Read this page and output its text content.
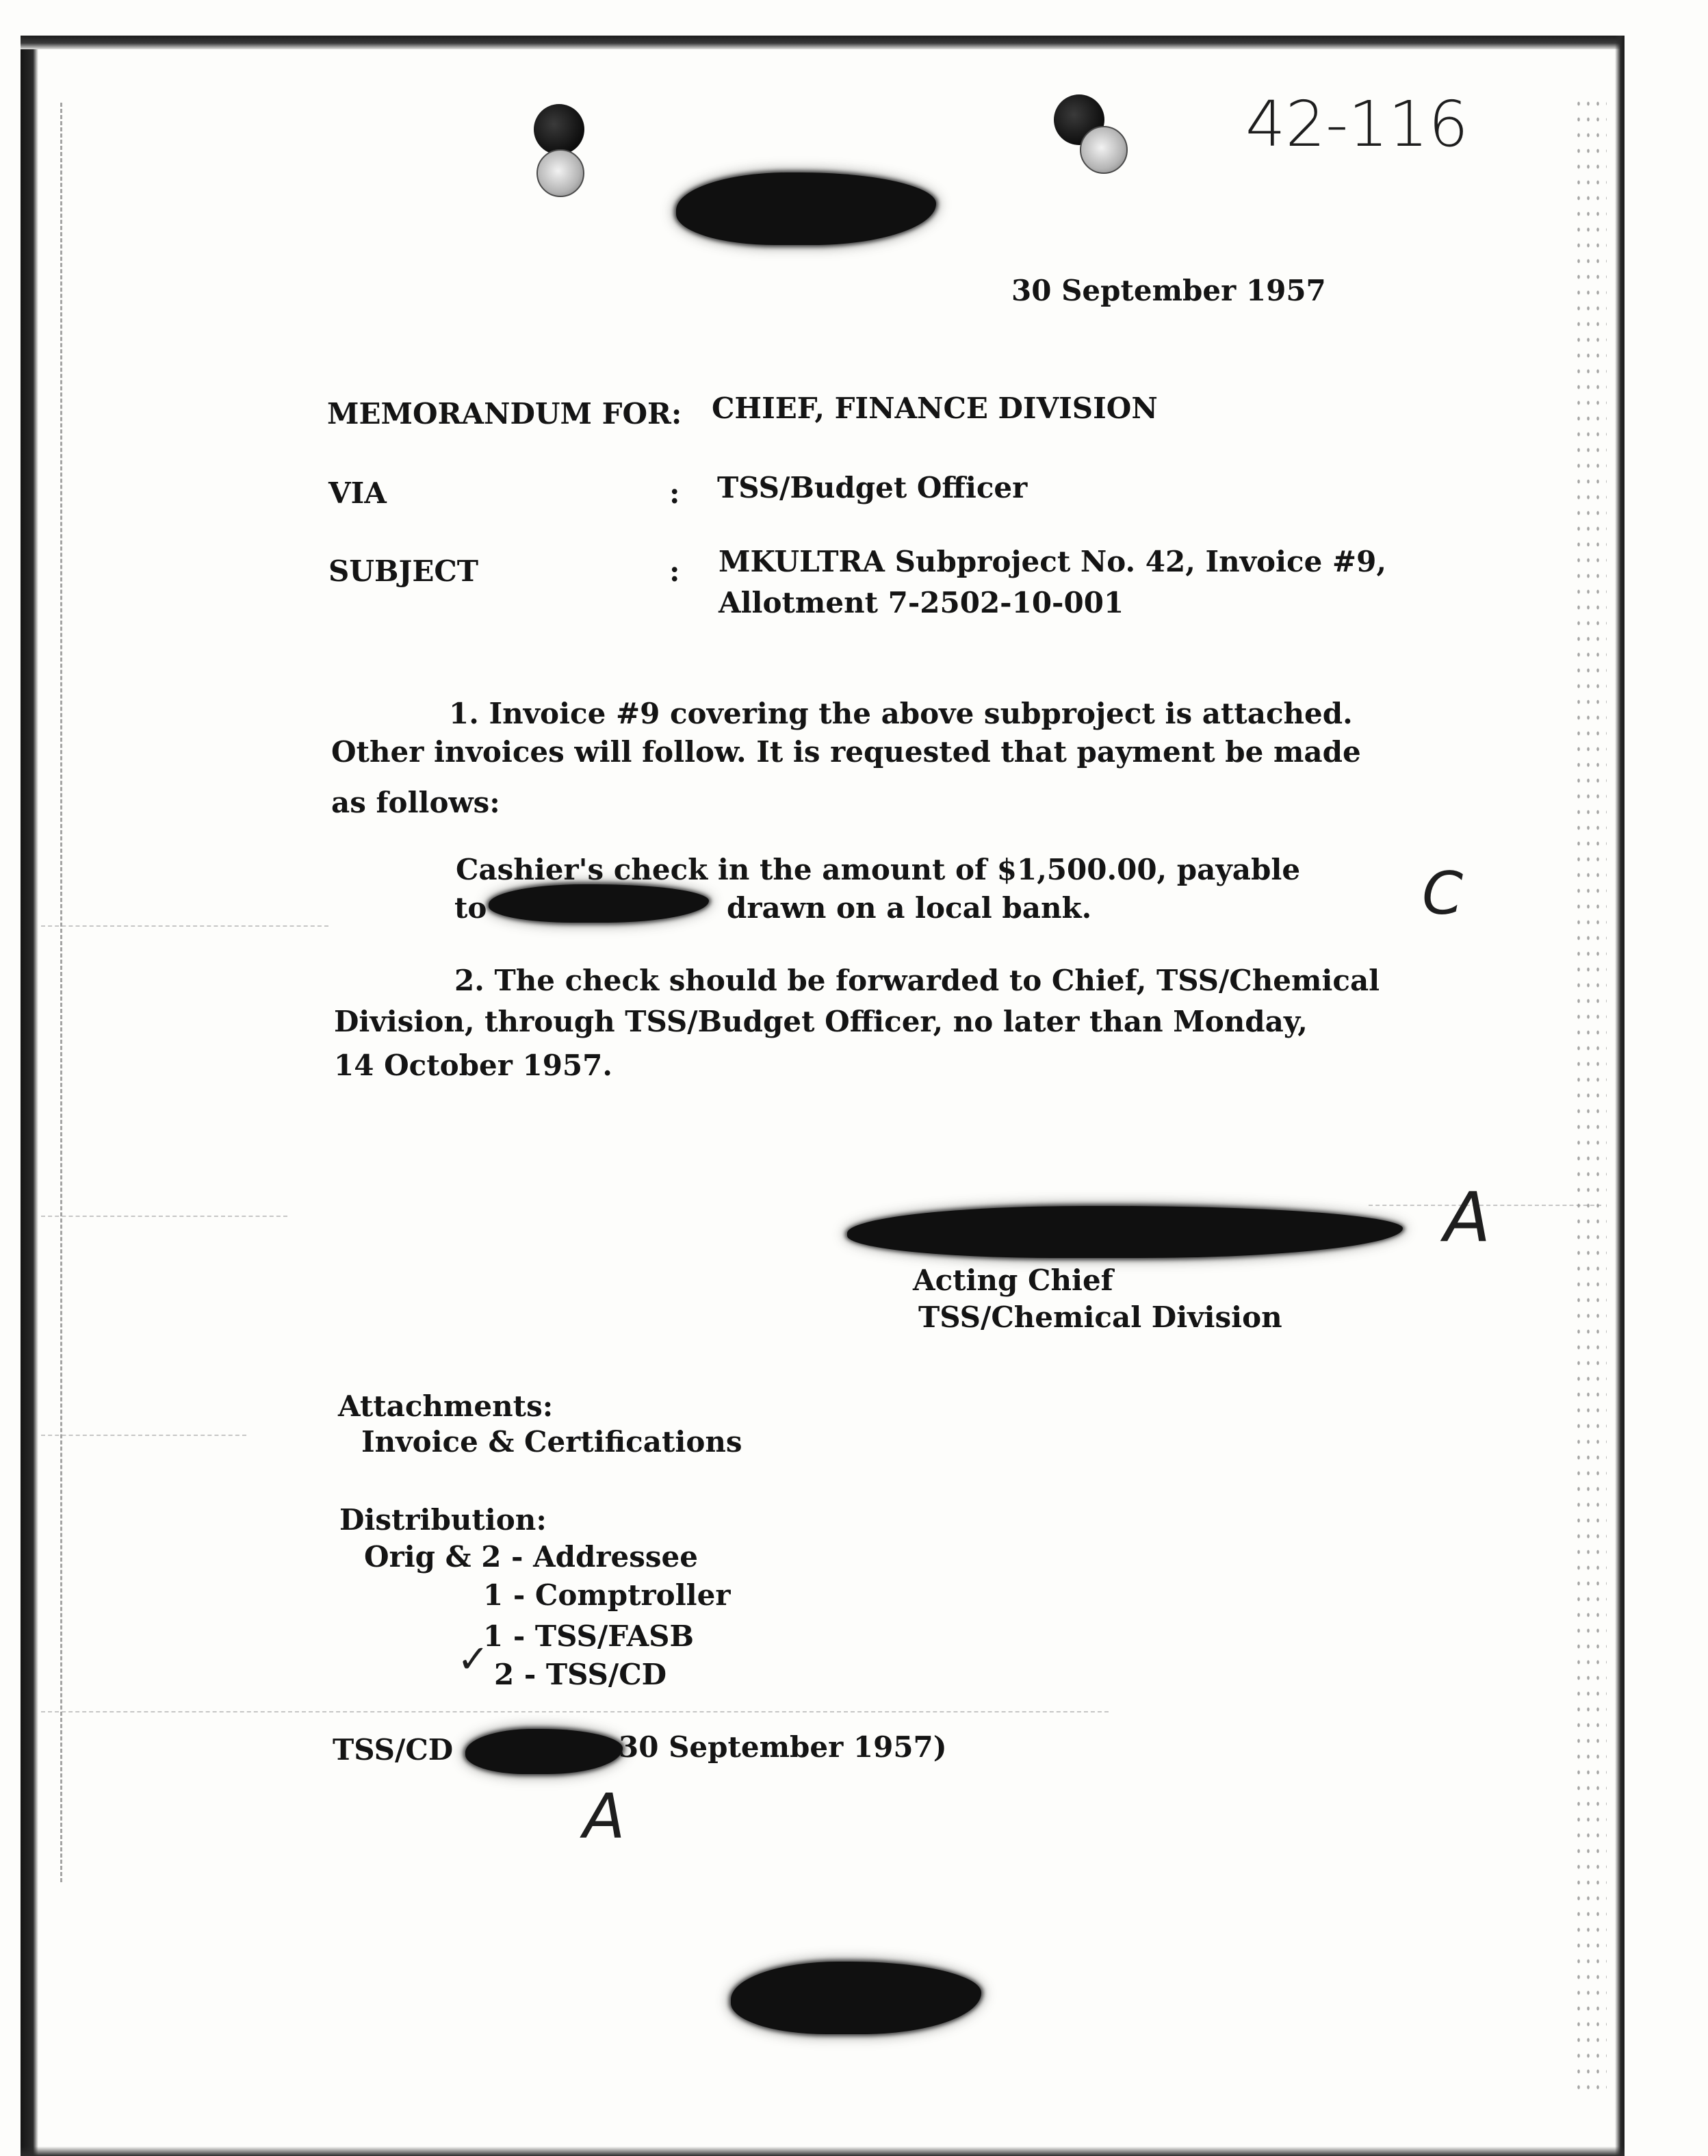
42-116
30 September 1957
MEMORANDUM FOR: CHIEF, FINANCE DIVISION
VIA	: TSS/Budget Officer
SUBJECT	: MKULTRA Subproject No. 42, Invoice #9,
Allotment 7-2502-10-001
1. Invoice #9 covering the above subproject is attached.
Other invoices will follow. It is requested that payment be made
as follows:
Cashier's check in the amount of $1,500.00, payable
to	drawn on a local bank.	C
2. The check should be forwarded to Chief, TSS/Chemical
Division, through TSS/Budget Officer, no later than Monday,
14 October 1957.
A
Acting Chief
TSS/Chemical Division
Attachments:
Invoice & Certifications
Distribution:
Orig & 2 - Addressee
1 - Comptroller
1 - TSS/FASB
✓ 2 - TSS/CD
TSS/CD	30 September 1957)
A
